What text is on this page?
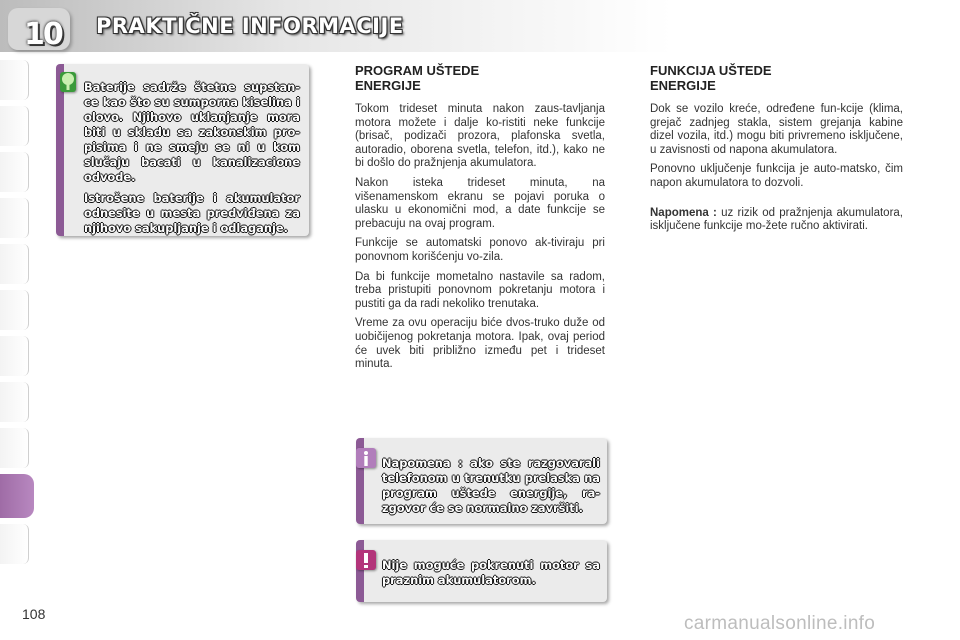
10 PRAKTIČNE INFORMACIJE

Baterije sadrže štetne supstan-ce kao što su sumporna kiselina i olovo. Njihovo uklanjanje mora biti u skladu sa zakonskim pro-pisima i ne smeju se ni u kom slučaju bacati u kanalizacione odvode.

Istrošene baterije i akumulator odnesite u mesta predviđena za njihovo sakupljanje i odlaganje.

PROGRAM UŠTEDE ENERGIJE

Tokom trideset minuta nakon zaus-tavljanja motora možete i dalje ko-ristiti neke funkcije (brisač, podizači prozora, plafonska svetla, autoradio, oborena svetla, telefon, itd.), kako ne bi došlo do pražnjenja akumulatora.

Nakon isteka trideset minuta, na višenamenskom ekranu se pojavi poruka o ulasku u ekonomični mod, a date funkcije se prebacuju na ovaj program.

Funkcije se automatski ponovo ak-tiviraju pri ponovnom korišćenju vo-zila.

Da bi funkcije mometalno nastavile sa radom, treba pristupiti ponovnom pokretanju motora i pustiti ga da radi nekoliko trenutaka.

Vreme za ovu operaciju biće dvos-truko duže od uobičijenog pokretanja motora. Ipak, ovaj period će uvek biti približno između pet i trideset minuta.

Napomena : ako ste razgovarali telefonom u trenutku prelaska na program uštede energije, ra-zgovor će se normalno završiti.
Nije moguće pokrenuti motor sa praznim akumulatorom.
FUNKCIJA UŠTEDE ENERGIJE

Dok se vozilo kreće, određene fun-kcije (klima, grejač zadnjeg stakla, sistem grejanja kabine dizel vozila, itd.) mogu biti privremeno isključene, u zavisnosti od napona akumulatora.

Ponovno uključenje funkcija je auto-matsko, čim napon akumulatora to dozvoli.

Napomena : uz rizik od pražnjenja akumulatora, isključene funkcije mo-žete ručno aktivirati.

108	carmanualsonline.info
